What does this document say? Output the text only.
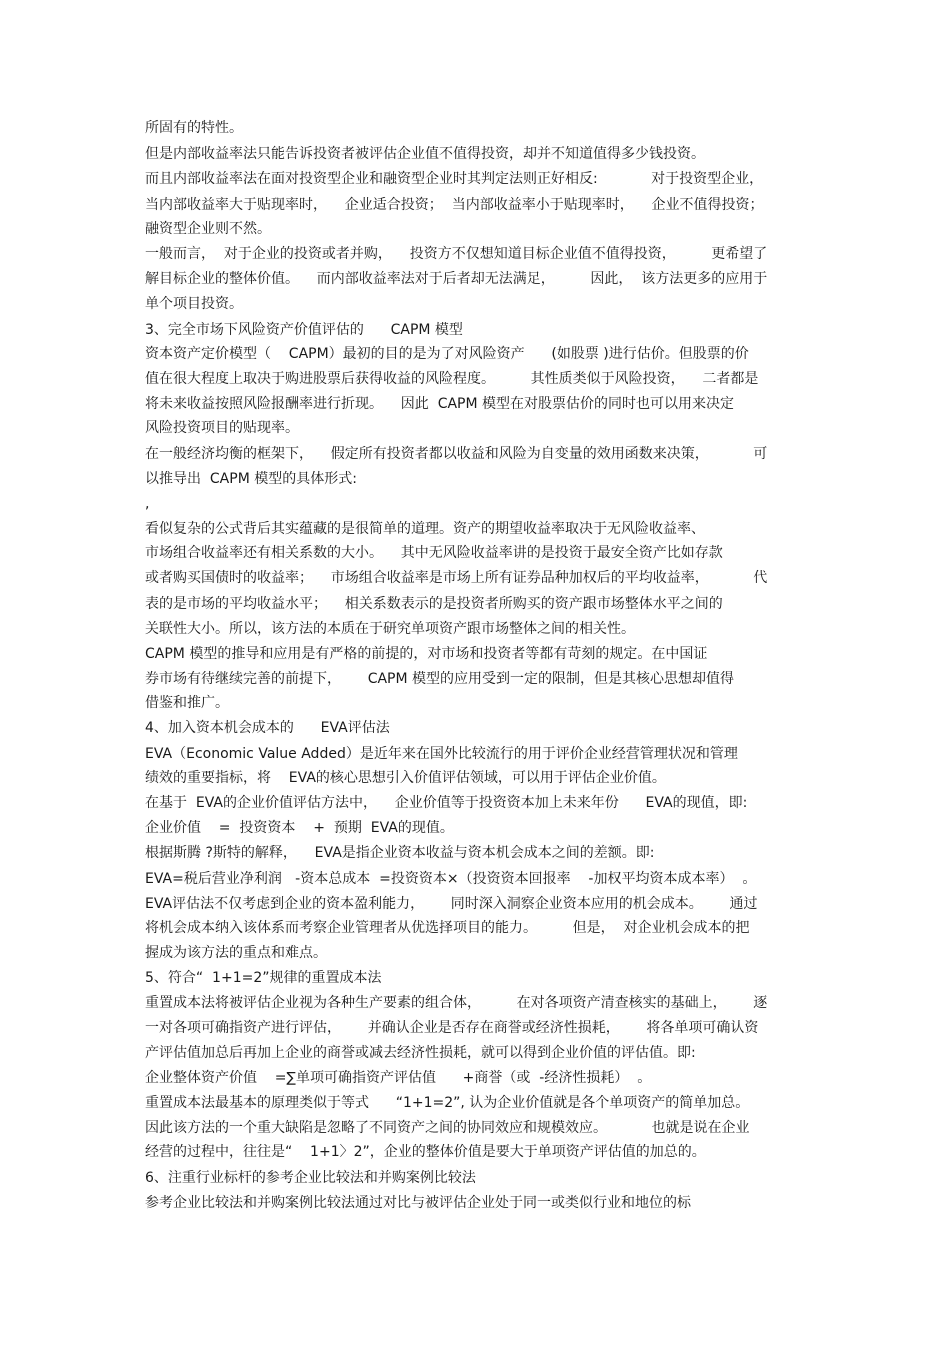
所固有的特性。

但是内部收益率法只能告诉投资者被评估企业值不值得投资，却并不知道值得多少钱投资。

而且内部收益率法在面对投资型企业和融资型企业时其判定法则正好相反:            对于投资型企业，

当内部收益率大于贴现率时，    企业适合投资；  当内部收益率小于贴现率时，    企业不值得投资；

融资型企业则不然。

一般而言，  对于企业的投资或者并购，    投资方不仅想知道目标企业值不值得投资，        更希望了

解目标企业的整体价值。    而内部收益率法对于后者却无法满足，        因此，  该方法更多的应用于

单个项目投资。

3、完全市场下风险资产价值评估的      CAPM 模型

资本资产定价模型（    CAPM）最初的目的是为了对风险资产      (如股票 )进行估价。但股票的价

值在很大程度上取决于购进股票后获得收益的风险程度。        其性质类似于风险投资，    二者都是

将未来收益按照风险报酬率进行折现。    因此  CAPM 模型在对股票估价的同时也可以用来决定

风险投资项目的贴现率。

在一般经济均衡的框架下，    假定所有投资者都以收益和风险为自变量的效用函数来决策，          可

以推导出  CAPM 模型的具体形式:

,

看似复杂的公式背后其实蕴藏的是很简单的道理。资产的期望收益率取决于无风险收益率、

市场组合收益率还有相关系数的大小。    其中无风险收益率讲的是投资于最安全资产比如存款

或者购买国债时的收益率；    市场组合收益率是市场上所有证券品种加权后的平均收益率，          代

表的是市场的平均收益水平；    相关系数表示的是投资者所购买的资产跟市场整体水平之间的

关联性大小。所以，该方法的本质在于研究单项资产跟市场整体之间的相关性。

CAPM 模型的推导和应用是有严格的前提的，对市场和投资者等都有苛刻的规定。在中国证

券市场有待继续完善的前提下，      CAPM 模型的应用受到一定的限制，但是其核心思想却值得

借鉴和推广。

4、加入资本机会成本的      EVA评估法

EVA（Economic Value Added）是近年来在国外比较流行的用于评价企业经营管理状况和管理

绩效的重要指标，将    EVA的核心思想引入价值评估领域，可以用于评估企业价值。

在基于  EVA的企业价值评估方法中，    企业价值等于投资资本加上未来年份      EVA的现值，即:

企业价值    =  投资资本    +  预期  EVA的现值。

根据斯腾 ?斯特的解释，    EVA是指企业资本收益与资本机会成本之间的差额。即:

EVA=税后营业净利润   -资本总成本  =投资资本×（投资资本回报率    -加权平均资本成本率）  。

EVA评估法不仅考虑到企业的资本盈利能力，      同时深入洞察企业资本应用的机会成本。      通过

将机会成本纳入该体系而考察企业管理者从优选择项目的能力。        但是，  对企业机会成本的把

握成为该方法的重点和难点。

5、符合“  1+1=2”规律的重置成本法

重置成本法将被评估企业视为各种生产要素的组合体，        在对各项资产清查核实的基础上，      逐

一对各项可确指资产进行评估，      并确认企业是否存在商誉或经济性损耗，      将各单项可确认资

产评估值加总后再加上企业的商誉或减去经济性损耗，就可以得到企业价值的评估值。即:

企业整体资产价值    =∑单项可确指资产评估值      +商誉（或  -经济性损耗）  。

重置成本法最基本的原理类似于等式      “1+1=2”, 认为企业价值就是各个单项资产的简单加总。

因此该方法的一个重大缺陷是忽略了不同资产之间的协同效应和规模效应。          也就是说在企业

经营的过程中，往往是“    1+1〉2”，企业的整体价值是要大于单项资产评估值的加总的。

6、注重行业标杆的参考企业比较法和并购案例比较法

参考企业比较法和并购案例比较法通过对比与被评估企业处于同一或类似行业和地位的标
